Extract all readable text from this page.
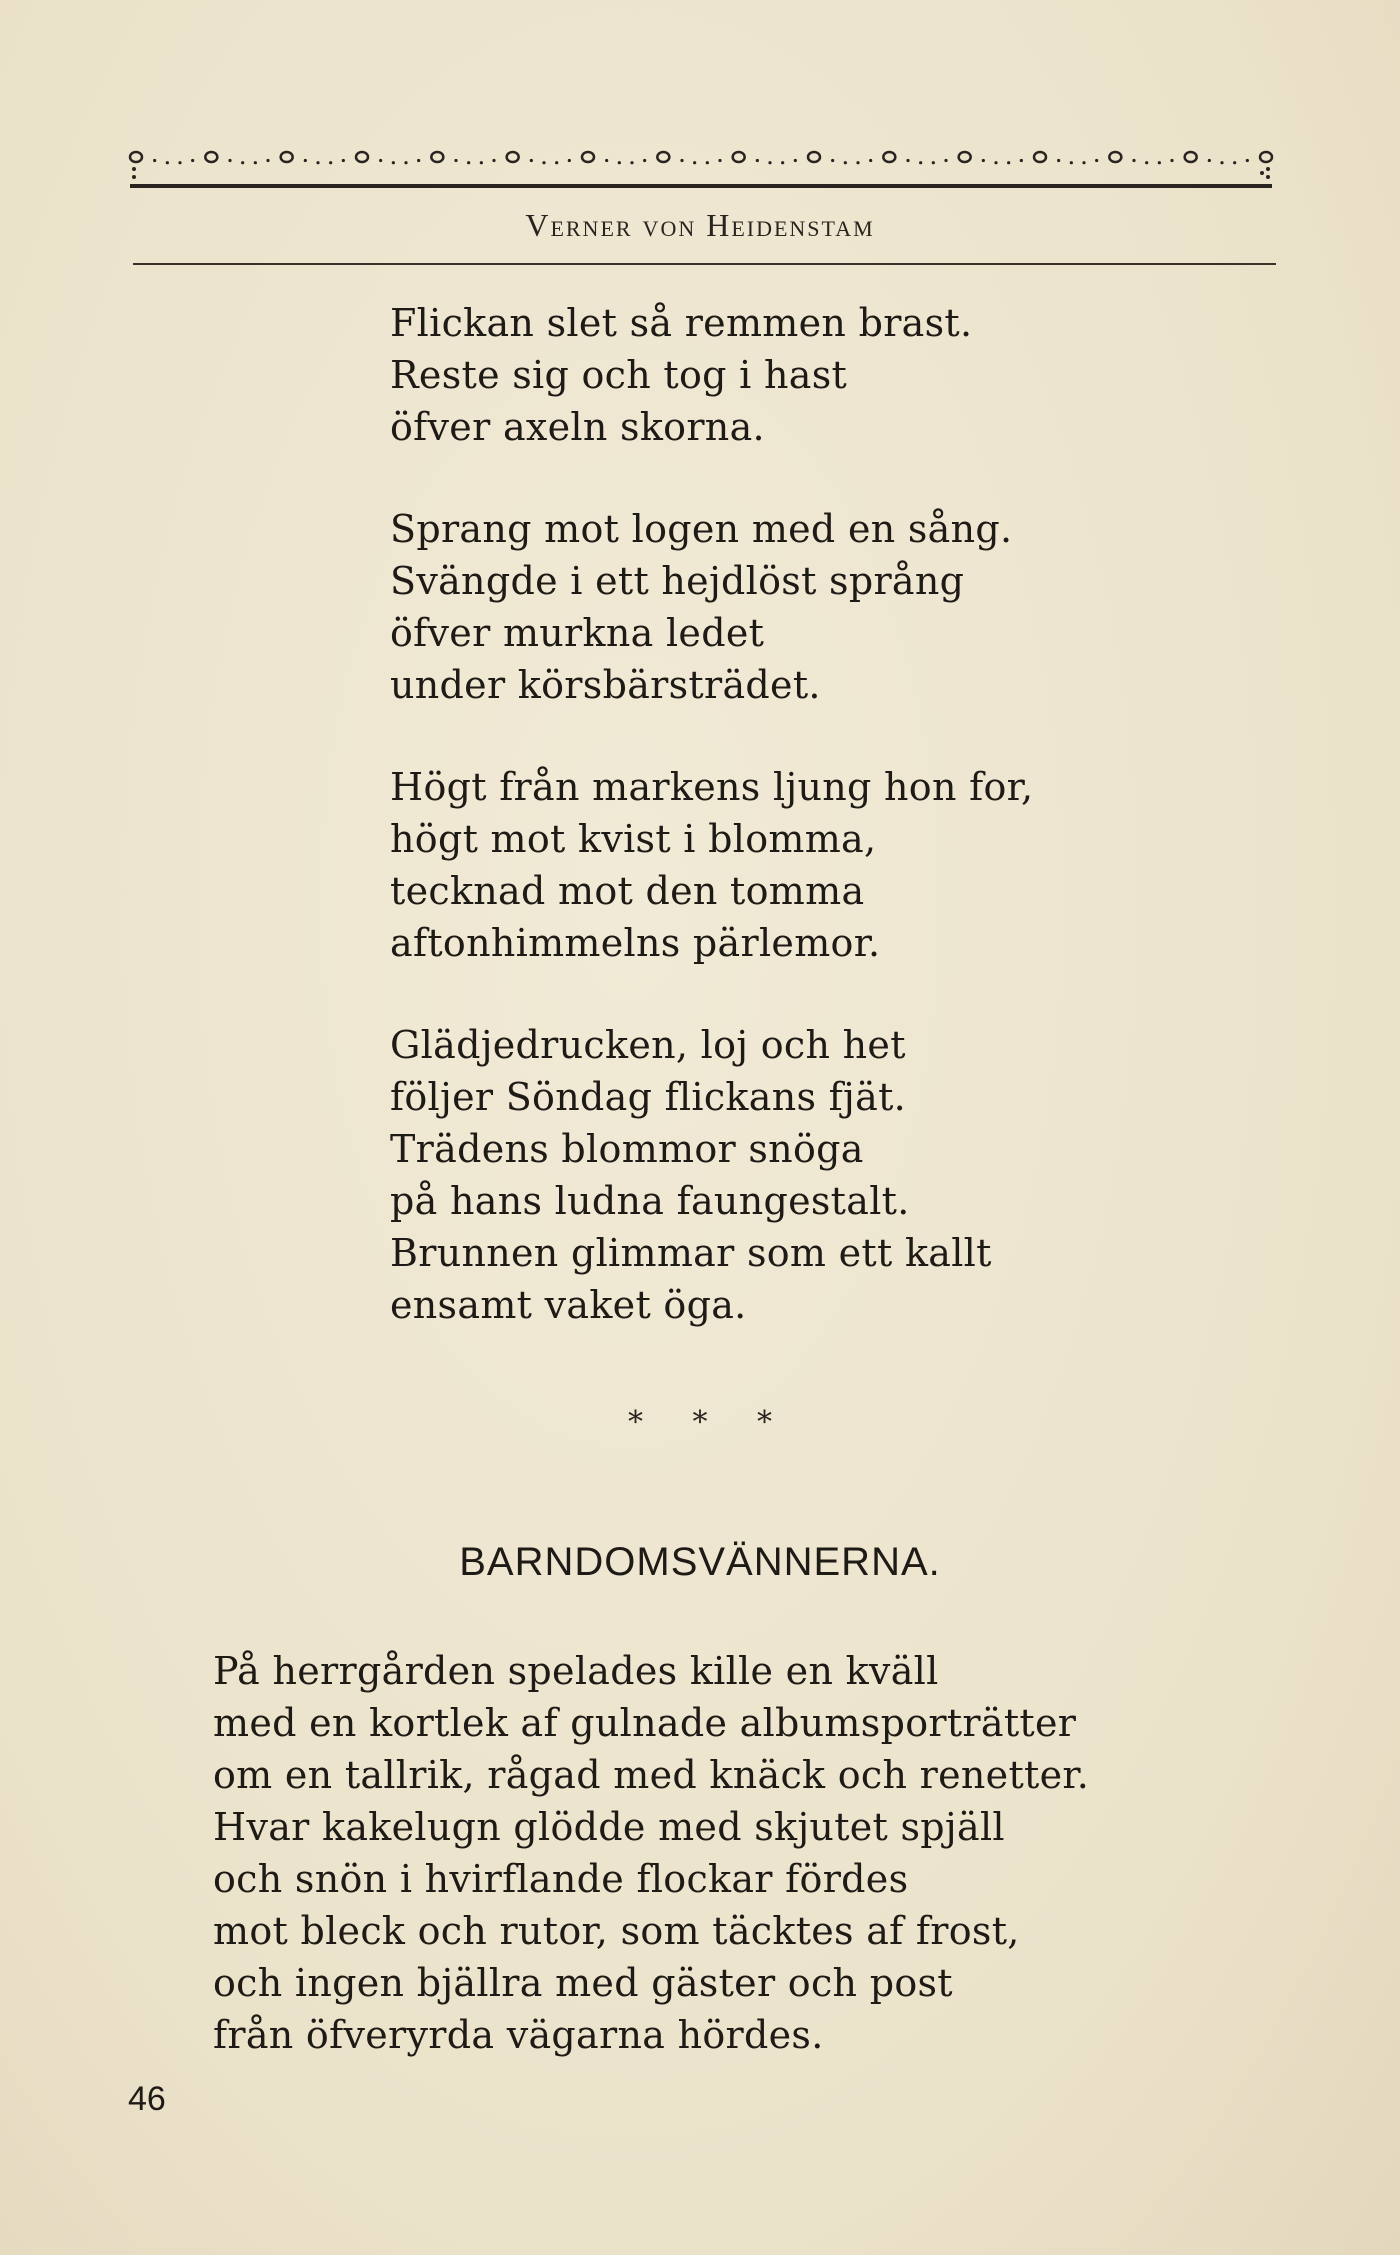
Verner von Heidenstam
Flickan slet så remmen brast.
Reste sig och tog i hast
öfver axeln skorna.
Sprang mot logen med en sång.
Svängde i ett hejdlöst språng
öfver murkna ledet
under körsbärsträdet.
Högt från markens ljung hon for,
högt mot kvist i blomma,
tecknad mot den tomma
aftonhimmelns pärlemor.
Glädjedrucken, loj och het
följer Söndag flickans fjät.
Trädens blommor snöga
på hans ludna faungestalt.
Brunnen glimmar som ett kallt
ensamt vaket öga.
* * *
BARNDOMSVÄNNERNA.
På herrgården spelades kille en kväll
med en kortlek af gulnade albumsporträtter
om en tallrik, rågad med knäck och renetter.
Hvar kakelugn glödde med skjutet spjäll
och snön i hvirflande flockar fördes
mot bleck och rutor, som täcktes af frost,
och ingen bjällra med gäster och post
från öfveryrda vägarna hördes.
46
